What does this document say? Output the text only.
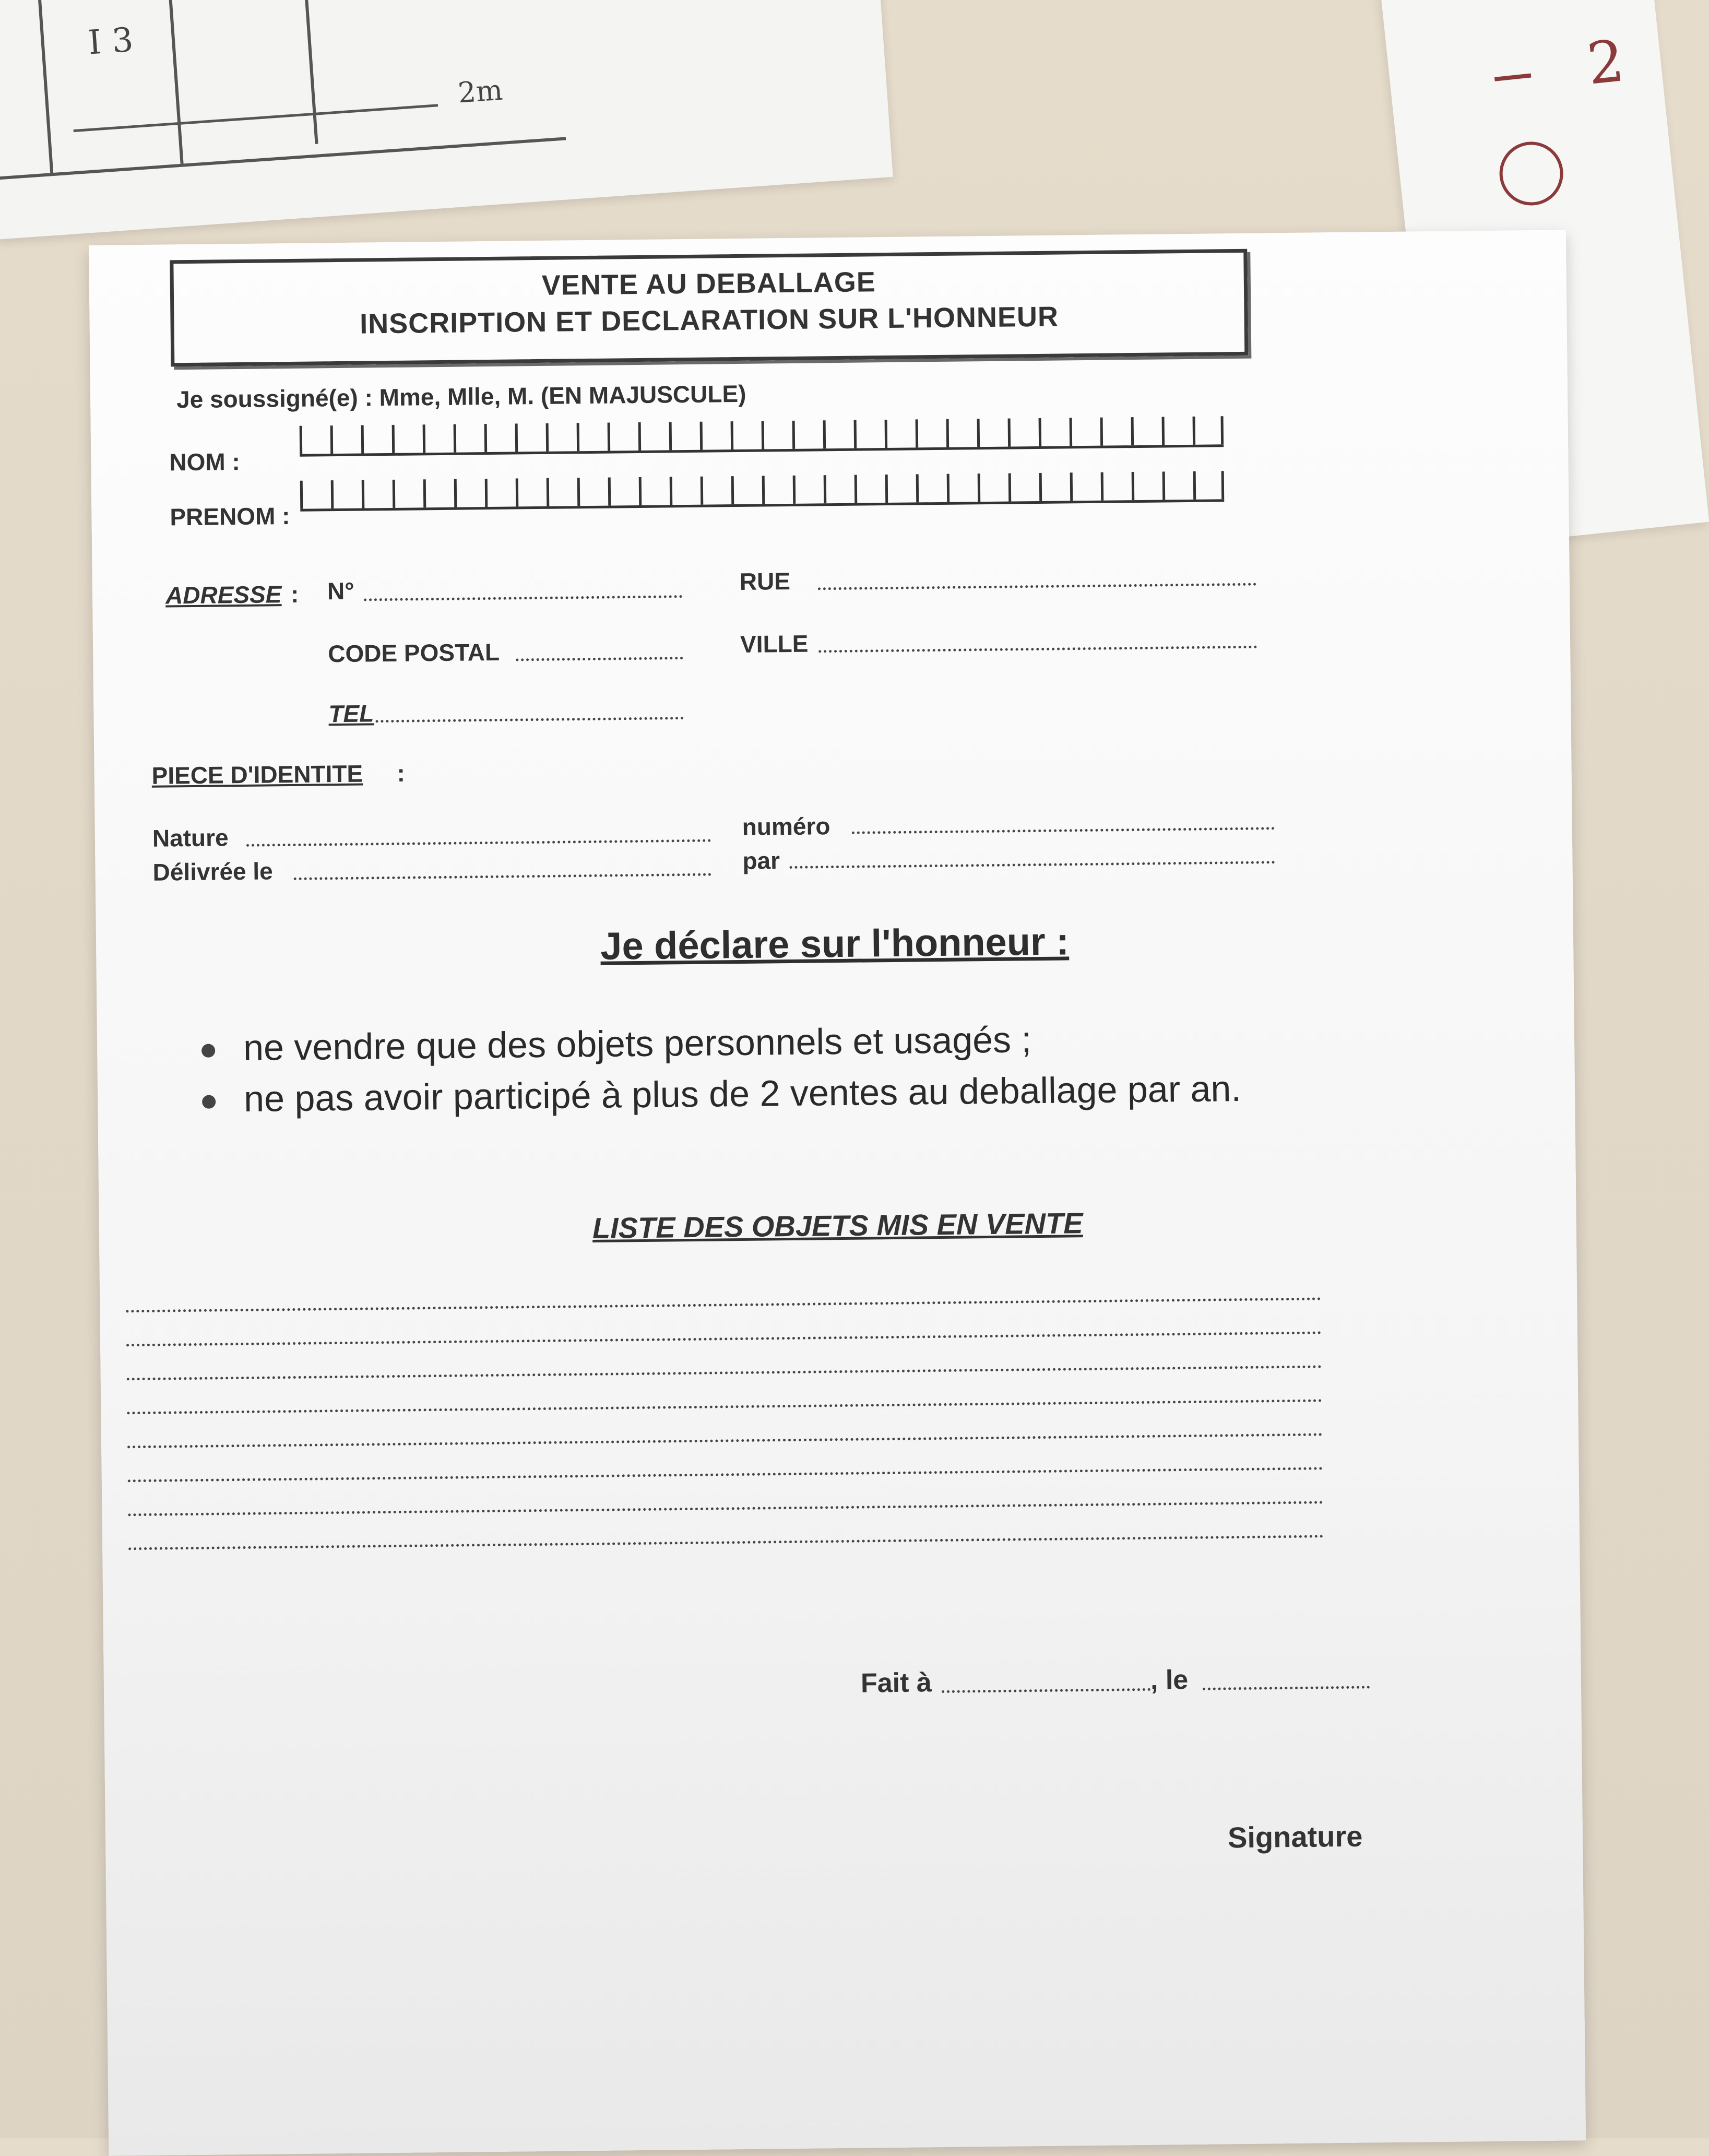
I 3
2m	2
VENTE AU DEBALLAGE
INSCRIPTION ET DECLARATION SUR L'HONNEUR
Je soussigné(e) : Mme, Mlle, M. (EN MAJUSCULE)
NOM :
PRENOM :
ADRESSE : N°	RUE
CODE POSTAL	VILLE
TEL
PIECE D'IDENTITE :
Nature	numéro
Délivrée le	par
Je déclare sur l'honneur :
ne vendre que des objets personnels et usagés ;
ne pas avoir participé à plus de 2 ventes au deballage par an.
LISTE DES OBJETS MIS EN VENTE
Fait à	, le
Signature
